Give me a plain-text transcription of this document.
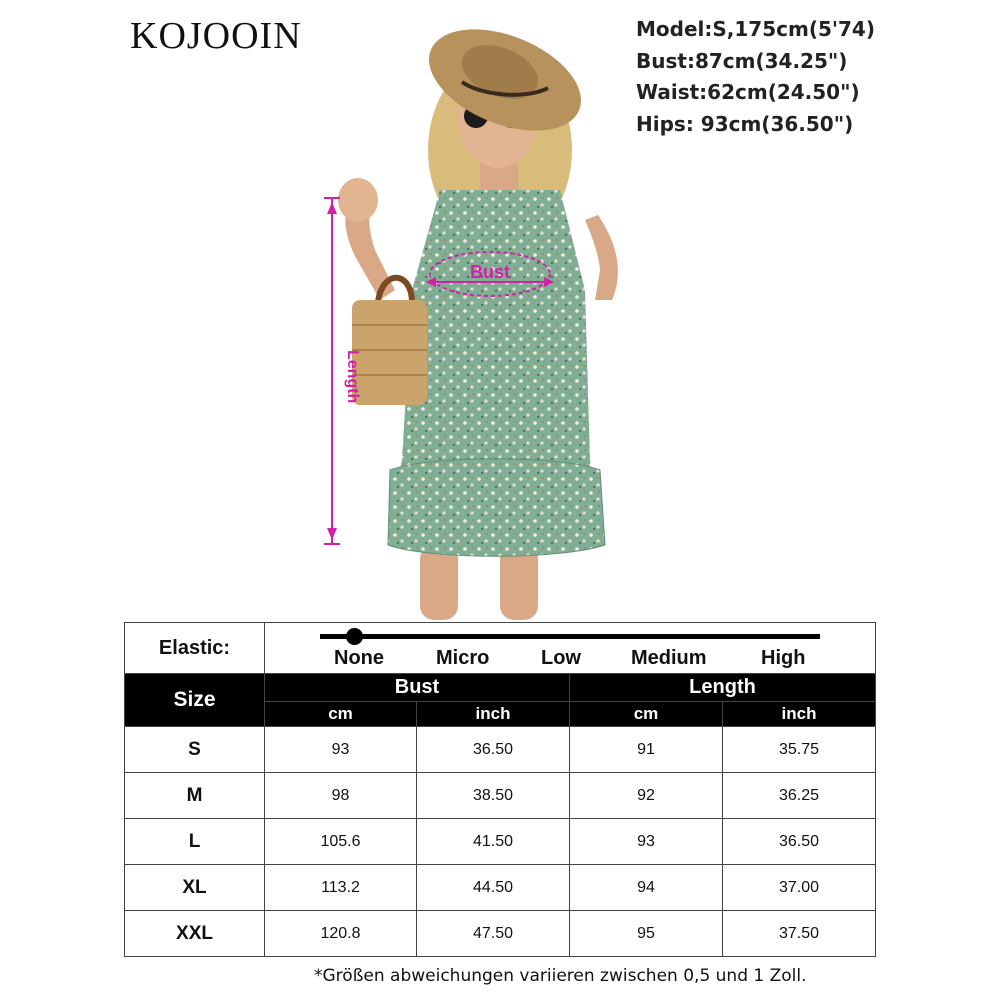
KOJOOIN	Model:S,175cm(5'74)
Bust:87cm(34.25")
Waist:62cm(24.50")
Hips: 93cm(36.50")
Bust
Length
Elastic:	None Micro Low Medium High			

Size	Bust		Length	
	cm	inch	cm	inch
S	93	36.50	91	35.75
M	98	38.50	92	36.25
L	105.6	41.50	93	36.50
XL	113.2	44.50	94	37.00
XXL	120.8	47.50	95	37.50
*Größen abweichungen variieren zwischen 0,5 und 1 Zoll.
